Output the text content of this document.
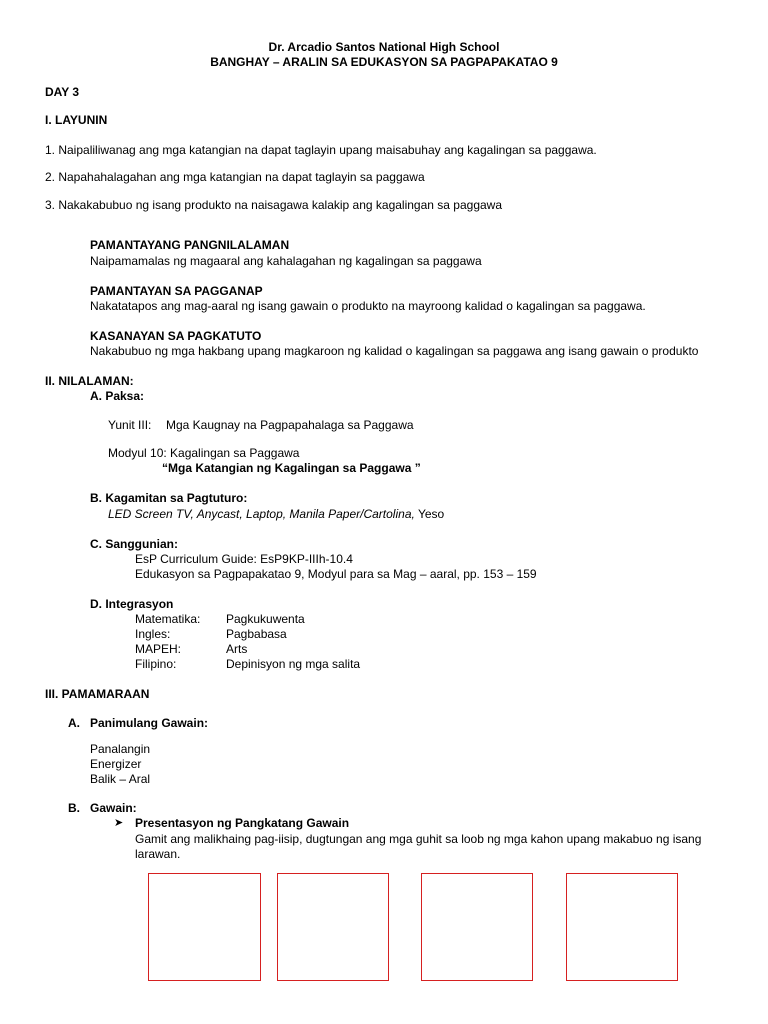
Dr. Arcadio Santos National High School
BANGHAY – ARALIN SA EDUKASYON SA PAGPAPAKATAO 9
DAY 3
I. LAYUNIN
1. Naipaliliwanag ang mga katangian na dapat taglayin upang maisabuhay ang kagalingan sa paggawa.
2. Napahahalagahan ang mga katangian na dapat taglayin sa paggawa
3. Nakakabubuo ng isang produkto na naisagawa kalakip ang kagalingan sa paggawa
PAMANTAYANG PANGNILALAMAN
Naipamamalas ng magaaral ang kahalagahan ng kagalingan sa paggawa
PAMANTAYAN SA PAGGANAP
Nakatatapos ang mag-aaral ng isang gawain o produkto na mayroong kalidad o kagalingan sa paggawa.
KASANAYAN SA PAGKATUTO
Nakabubuo ng mga hakbang upang magkaroon ng kalidad o kagalingan sa paggawa ang isang gawain o produkto
II. NILALAMAN:
A. Paksa:
Yunit III: Mga Kaugnay na Pagpapahalaga sa Paggawa
Modyul 10: Kagalingan sa Paggawa
“Mga Katangian ng Kagalingan sa Paggawa ”
B. Kagamitan sa Pagtuturo:
LED Screen TV, Anycast, Laptop, Manila Paper/Cartolina, Yeso
C. Sanggunian:
EsP Curriculum Guide: EsP9KP-IIIh-10.4
Edukasyon sa Pagpapakatao 9, Modyul para sa Mag – aaral, pp. 153 – 159
D. Integrasyon
Matematika: Pagkukuwenta
Ingles:	Pagbabasa
MAPEH:	Arts
Filipino:	Depinisyon ng mga salita
III. PAMAMARAAN
A. Panimulang Gawain:
Panalangin
Energizer
Balik – Aral
B. Gawain:
➤ Presentasyon ng Pangkatang Gawain
Gamit ang malikhaing pag-iisip, dugtungan ang mga guhit sa loob ng mga kahon upang makabuo ng isang
larawan.
